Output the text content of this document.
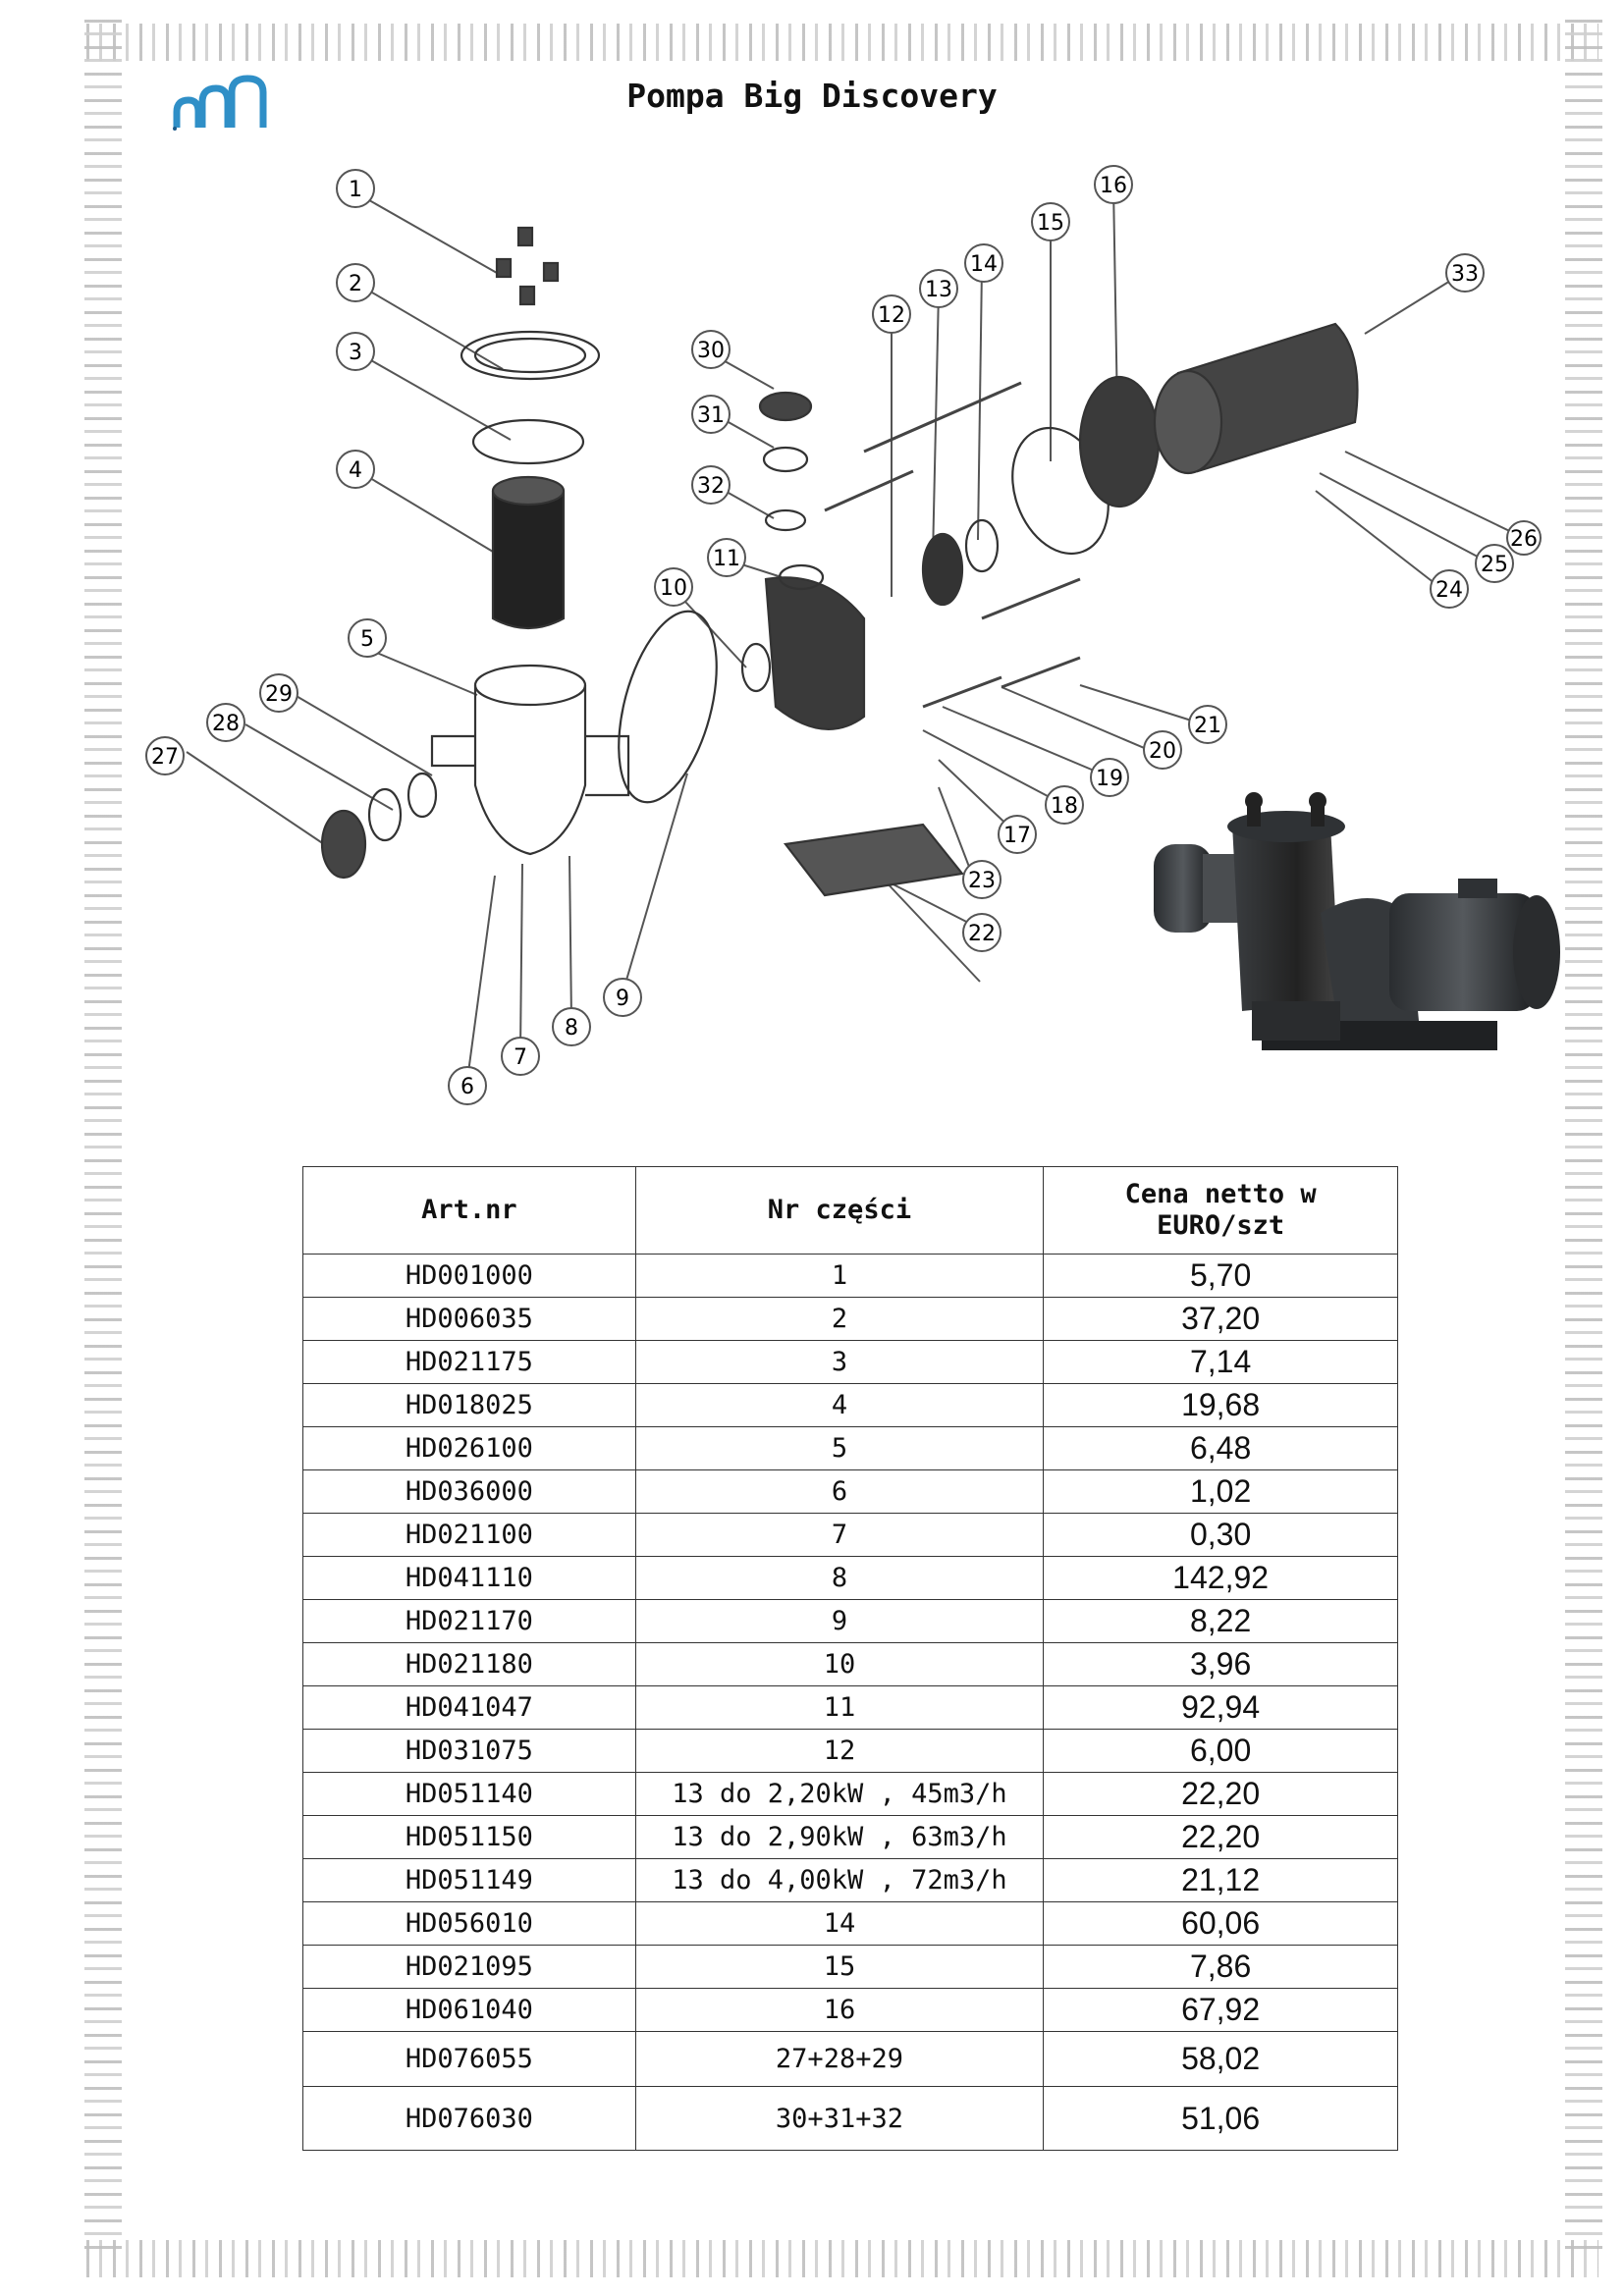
Pompa Big Discovery
1
2
3
4
5
6
7
8
9
10
11
12
13
14
15
16
17
18
19
20
21
22
23
24
25
26
27
28
29
30
31
32
33
Art.nr	Nr części	Cena netto w EURO/szt
HD001000	1	5,70
HD006035	2	37,20
HD021175	3	7,14
HD018025	4	19,68
HD026100	5	6,48
HD036000	6	1,02
HD021100	7	0,30
HD041110	8	142,92
HD021170	9	8,22
HD021180	10	3,96
HD041047	11	92,94
HD031075	12	6,00
HD051140	13 do 2,20kW , 45m3/h	22,20
HD051150	13 do 2,90kW , 63m3/h	22,20
HD051149	13 do 4,00kW , 72m3/h	21,12
HD056010	14	60,06
HD021095	15	7,86
HD061040	16	67,92
HD076055	27+28+29	58,02
HD076030	30+31+32	51,06
